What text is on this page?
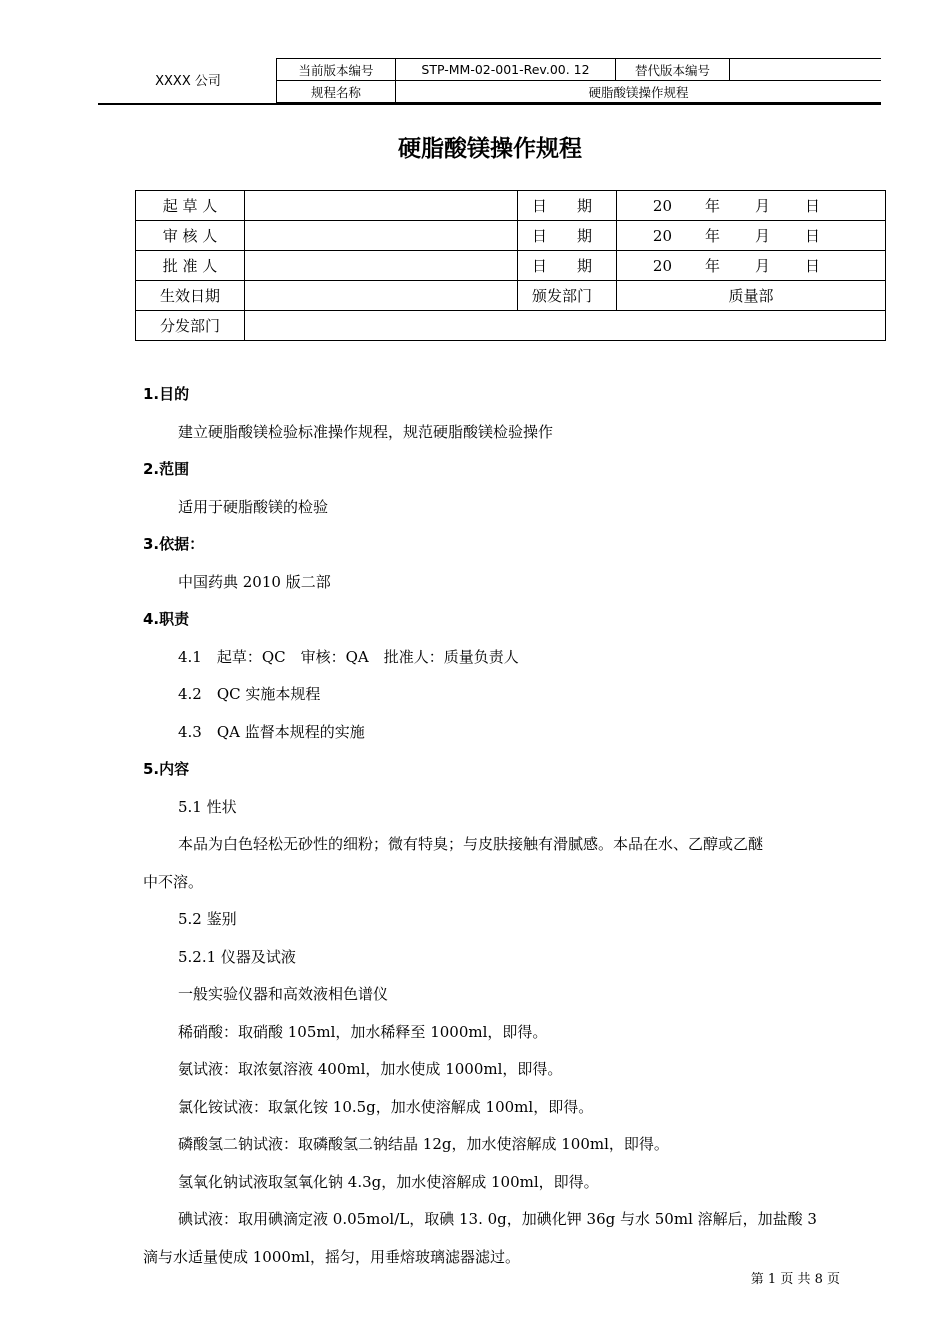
XXXX 公司
当前版本编号	STP-MM-02-001-Rev.00. 12	替代版本编号	
规程名称	硬脂酸镁操作规程		
硬脂酸镁操作规程
起 草 人		日　　期	20 年 月 日

审 核 人		日　　期	20 年 月 日

批 准 人		日　　期	20 年 月 日

生效日期		颁发部门	质量部
分发部门			
1.目的
建立硬脂酸镁检验标准操作规程，规范硬脂酸镁检验操作
2.范围
适用于硬脂酸镁的检验
3.依据：
中国药典 2010 版二部
4.职责
4.1　起草：QC　审核：QA　批准人：质量负责人
4.2　QC 实施本规程
4.3　QA 监督本规程的实施
5.内容
5.1 性状
本品为白色轻松无砂性的细粉；微有特臭；与皮肤接触有滑腻感。本品在水、乙醇或乙醚
中不溶。
5.2 鉴别
5.2.1 仪器及试液
一般实验仪器和高效液相色谱仪
稀硝酸：取硝酸 105ml，加水稀释至 1000ml，即得。
氨试液：取浓氨溶液 400ml，加水使成 1000ml，即得。
氯化铵试液：取氯化铵 10.5g，加水使溶解成 100ml，即得。
磷酸氢二钠试液：取磷酸氢二钠结晶 12g，加水使溶解成 100ml，即得。
氢氧化钠试液取氢氧化钠 4.3g，加水使溶解成 100ml，即得。
碘试液：取用碘滴定液 0.05mol/L，取碘 13. 0g，加碘化钾 36g 与水 50ml 溶解后，加盐酸 3
滴与水适量使成 1000ml，摇匀，用垂熔玻璃滤器滤过。
第 1 页 共 8 页
